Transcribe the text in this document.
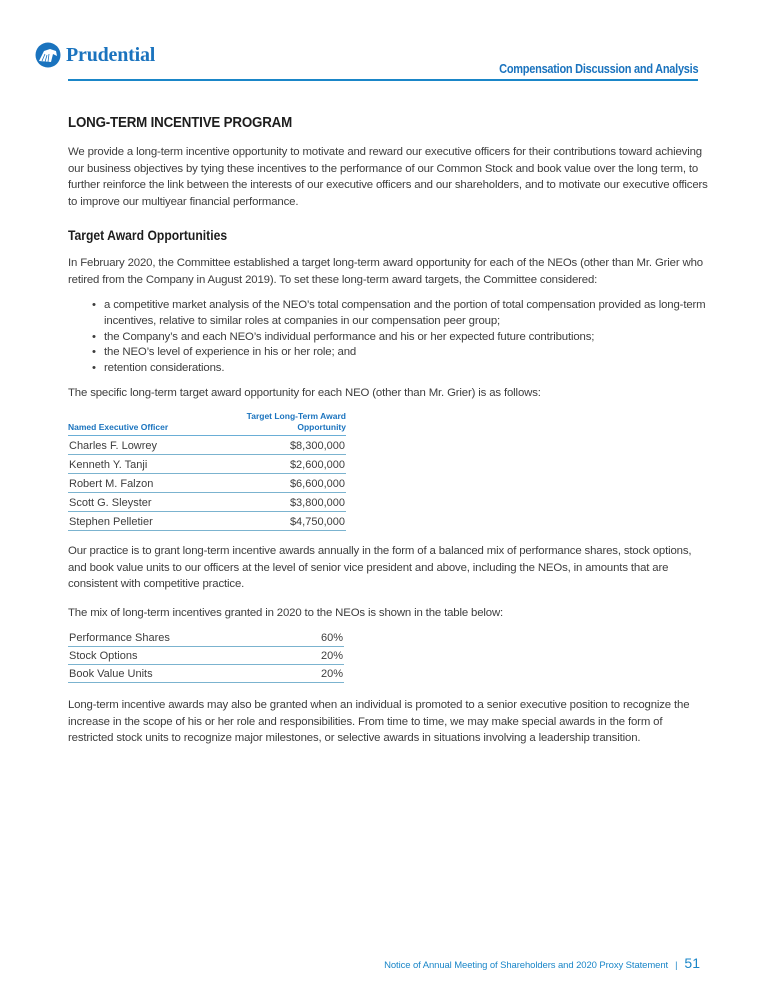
Prudential
Compensation Discussion and Analysis
LONG-TERM INCENTIVE PROGRAM

We provide a long-term incentive opportunity to motivate and reward our executive officers for their contributions toward achieving our business objectives by tying these incentives to the performance of our Common Stock and book value over the long term, to further reinforce the link between the interests of our executive officers and our shareholders, and to motivate our executive officers to improve our multiyear financial performance.

Target Award Opportunities

In February 2020, the Committee established a target long-term award opportunity for each of the NEOs (other than Mr. Grier who retired from the Company in August 2019). To set these long-term award targets, the Committee considered:

• a competitive market analysis of the NEO’s total compensation and the portion of total compensation provided as long-term incentives, relative to similar roles at companies in our compensation peer group;
• the Company’s and each NEO’s individual performance and his or her expected future contributions;
• the NEO’s level of experience in his or her role; and
• retention considerations.

The specific long-term target award opportunity for each NEO (other than Mr. Grier) is as follows:

Named Executive Officer	Target Long-Term Award Opportunity
Charles F. Lowrey	$8,300,000
Kenneth Y. Tanji	$2,600,000
Robert M. Falzon	$6,600,000
Scott G. Sleyster	$3,800,000
Stephen Pelletier	$4,750,000

Our practice is to grant long-term incentive awards annually in the form of a balanced mix of performance shares, stock options, and book value units to our officers at the level of senior vice president and above, including the NEOs, in amounts that are consistent with competitive practice.

The mix of long-term incentives granted in 2020 to the NEOs is shown in the table below:

Performance Shares	60%
Stock Options	20%
Book Value Units	20%

Long-term incentive awards may also be granted when an individual is promoted to a senior executive position to recognize the increase in the scope of his or her role and responsibilities. From time to time, we may make special awards in the form of restricted stock units to recognize major milestones, or selective awards in situations involving a leadership transition.

Notice of Annual Meeting of Shareholders and 2020 Proxy Statement | 51
